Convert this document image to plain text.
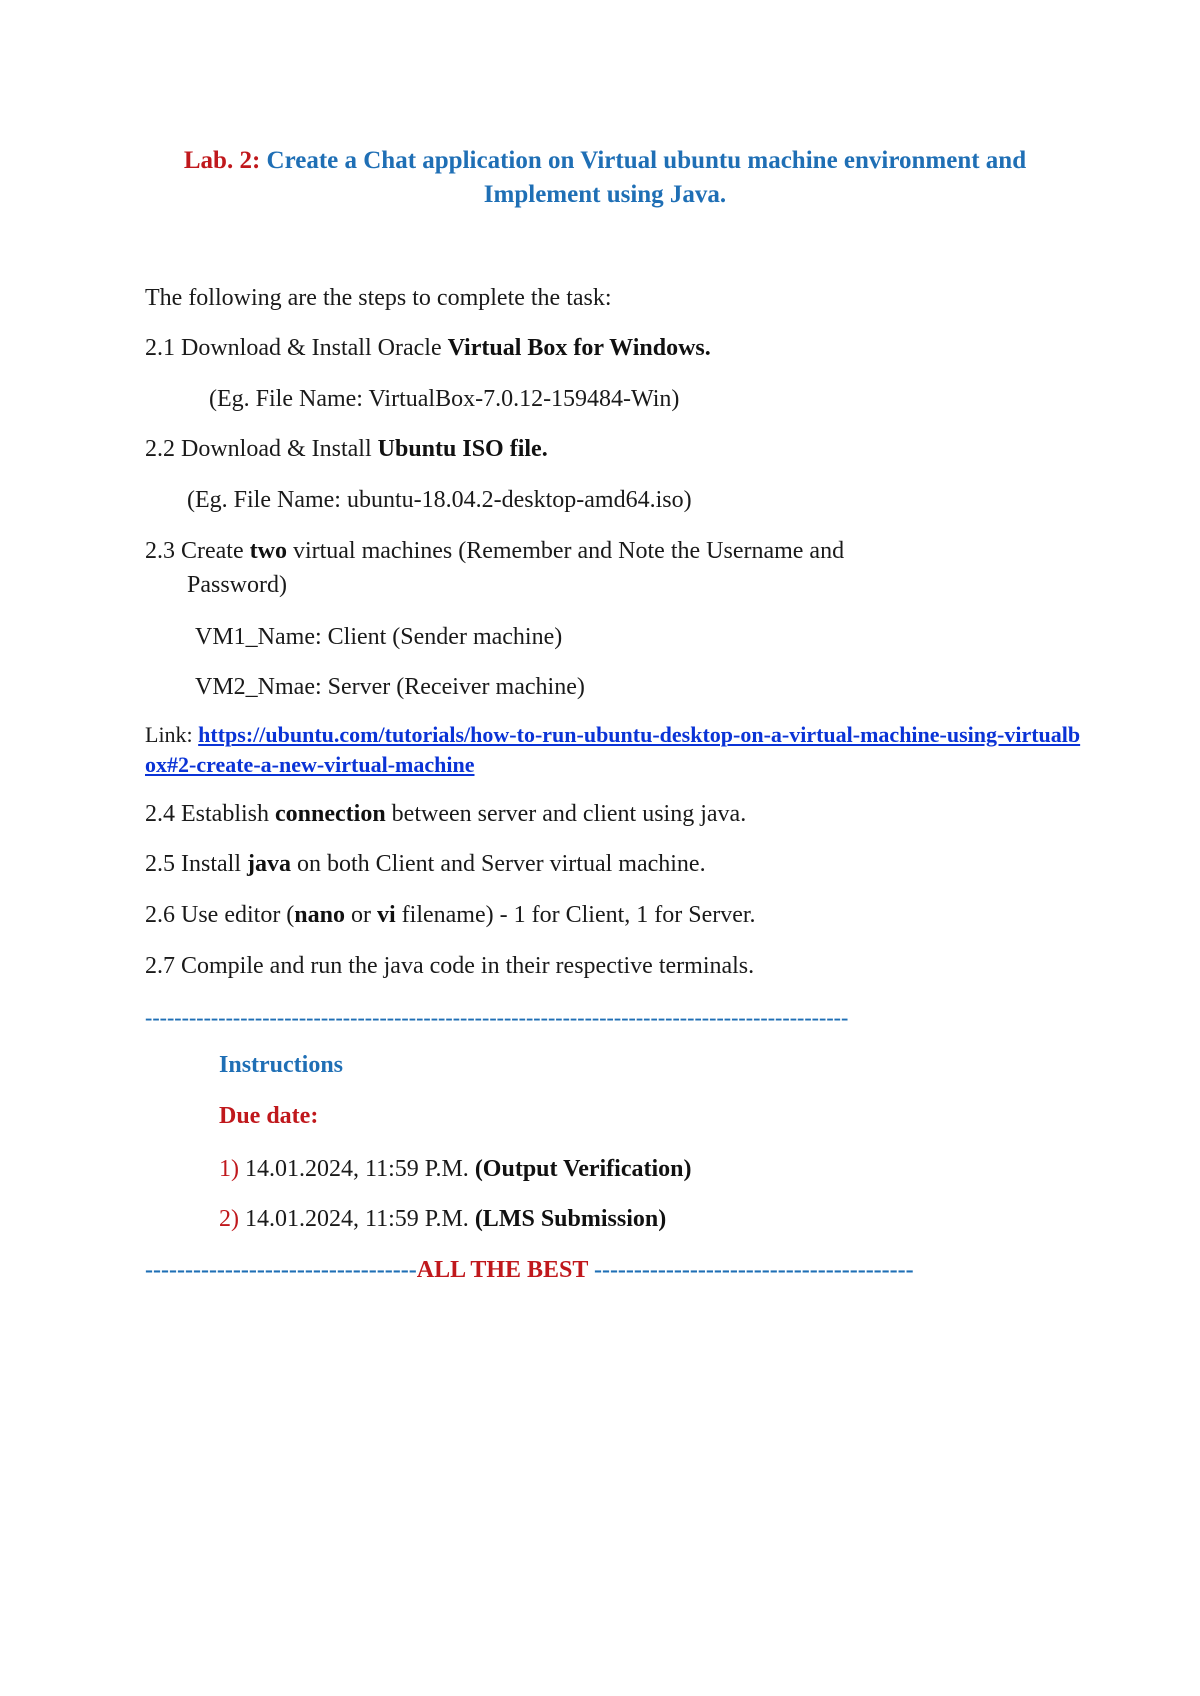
Lab. 2: Create a Chat application on Virtual ubuntu machine environment and Implement using Java.
The following are the steps to complete the task:
2.1 Download & Install Oracle Virtual Box for Windows.
(Eg. File Name: VirtualBox-7.0.12-159484-Win)
2.2 Download & Install Ubuntu ISO file.
(Eg. File Name: ubuntu-18.04.2-desktop-amd64.iso)
2.3 Create two virtual machines (Remember and Note the Username and
Password)
VM1_Name: Client (Sender machine)
VM2_Nmae: Server (Receiver machine)
Link: https://ubuntu.com/tutorials/how-to-run-ubuntu-desktop-on-a-virtual-machine-using-virtualbox#2-create-a-new-virtual-machine
2.4 Establish connection between server and client using java.
2.5 Install java on both Client and Server virtual machine.
2.6 Use editor (nano or vi filename) - 1 for Client, 1 for Server.
2.7 Compile and run the java code in their respective terminals.
------------------------------------------------------------------------------------------------
Instructions
Due date:
1) 14.01.2024, 11:59 P.M. (Output Verification)
2) 14.01.2024, 11:59 P.M. (LMS Submission)
----------------------------------ALL THE BEST ----------------------------------------
